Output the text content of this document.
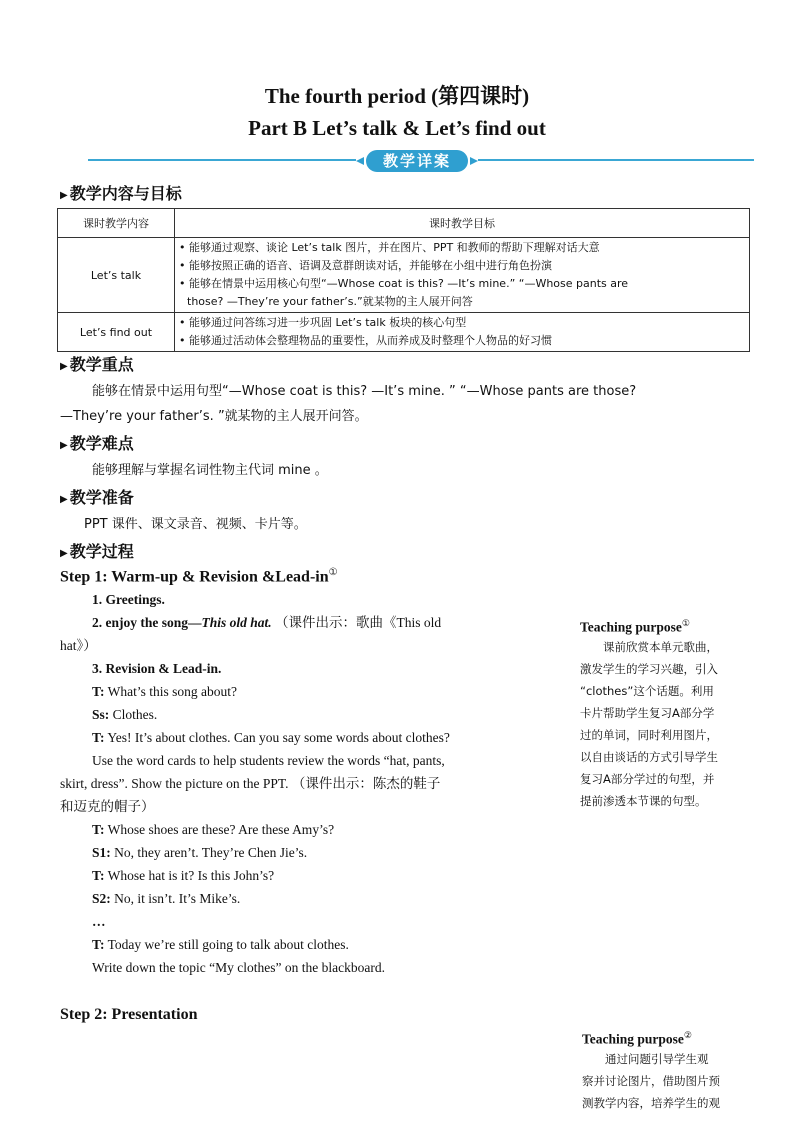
The fourth period (第四课时)
Part B Let’s talk & Let’s find out
教学详案
▶ 教学内容与目标
课时教学内容	课时教学目标
Let’s talk	• 能够通过观察、谈论 Let’s talk 图片，并在图片、PPT 和教师的帮助下理解对话大意
• 能够按照正确的语音、语调及意群朗读对话，并能够在小组中进行角色扮演
• 能够在情景中运用核心句型“—Whose coat is this? —It’s mine.” “—Whose pants are
those? —They’re your father’s.”就某物的主人展开问答

Let’s find out	• 能够通过问答练习进一步巩固 Let’s talk 板块的核心句型
• 能够通过活动体会整理物品的重要性，从而养成及时整理个人物品的好习惯
▶ 教学重点
能够在情景中运用句型“—Whose coat is this? —It’s mine. ” “—Whose pants are those?
—They’re your father’s. ”就某物的主人展开问答。
▶ 教学难点
能够理解与掌握名词性物主代词 mine 。
▶ 教学准备
PPT 课件、课文录音、视频、卡片等。
▶ 教学过程
Step 1: Warm-up & Revision &Lead-in①
1. Greetings.
2. enjoy the song—This old hat. （课件出示：歌曲《This old
hat》）
3. Revision & Lead-in.
T: What’s this song about?
Ss: Clothes.
T: Yes! It’s about clothes. Can you say some words about clothes?
Use the word cards to help students review the words “hat, pants,
skirt, dress”. Show the picture on the PPT. （课件出示：陈杰的鞋子
和迈克的帽子）
T: Whose shoes are these? Are these Amy’s?
S1: No, they aren’t. They’re Chen Jie’s.
T: Whose hat is it? Is this John’s?
S2: No, it isn’t. It’s Mike’s.
…
T: Today we’re still going to talk about clothes.
Write down the topic “My clothes” on the blackboard.
Step 2: Presentation
Teaching purpose①
课前欣赏本单元歌曲，
激发学生的学习兴趣，引入
“clothes”这个话题。利用
卡片帮助学生复习A部分学
过的单词，同时利用图片，
以自由谈话的方式引导学生
复习A部分学过的句型，并
提前渗透本节课的句型。
Teaching purpose②
通过问题引导学生观
察并讨论图片，借助图片预
测教学内容，培养学生的观
